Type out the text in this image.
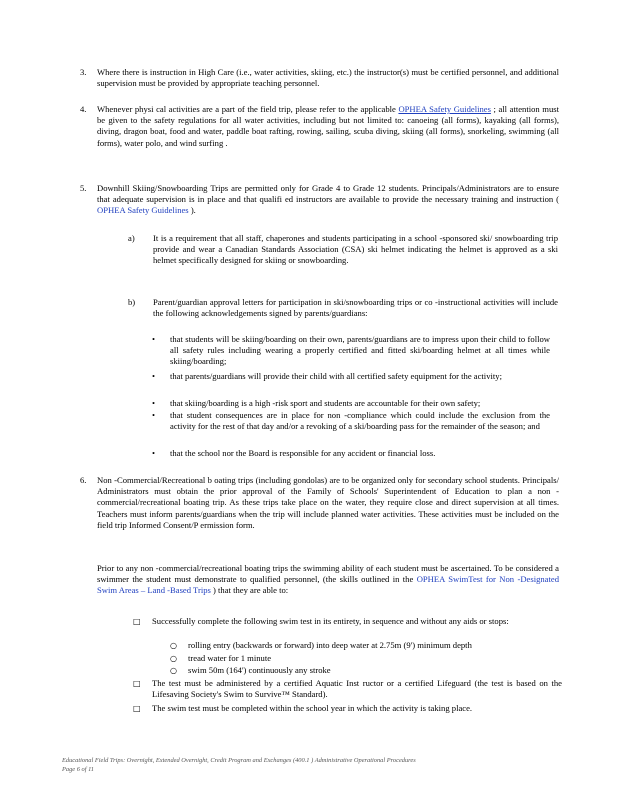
3. Where there is instruction in High Care (i.e., water activities, skiing, etc.) the instructor(s) must be certified personnel, and additional supervision must be provided by appropriate teaching personnel.

4. Whenever physi cal activities are a part of the field trip, please refer to the applicable OPHEA Safety Guidelines ; all attention must be given to the safety regulations for all water activities, including but not limited to: canoeing (all forms), kayaking (all forms), diving, dragon boat, food and water, paddle boat rafting, rowing, sailing, scuba diving, skiing (all forms), snorkeling, swimming (all forms), water polo, and wind surfing .

5. Downhill Skiing/Snowboarding Trips are permitted only for Grade 4 to Grade 12 students. Principals/Administrators are to ensure that adequate supervision is in place and that qualifi ed instructors are available to provide the necessary training and instruction ( OPHEA Safety Guidelines ).

a) It is a requirement that all staff, chaperones and students participating in a school -sponsored ski/ snowboarding trip provide and wear a Canadian Standards Association (CSA) ski helmet indicating the helmet is approved as a ski helmet specifically designed for skiing or snowboarding.

b) Parent/guardian approval letters for participation in ski/snowboarding trips or co -instructional activities will include the following acknowledgements signed by parents/guardians:

• that students will be skiing/boarding on their own, parents/guardians are to impress upon their child to follow all safety rules including wearing a properly certified and fitted ski/boarding helmet at all times while skiing/boarding;

• that parents/guardians will provide their child with all certified safety equipment for the activity;

• that skiing/boarding is a high -risk sport and students are accountable for their own safety;

• that student consequences are in place for non -compliance which could include the exclusion from the activity for the rest of that day and/or a revoking of a ski/boarding pass for the remainder of the season; and

• that the school nor the Board is responsible for any accident or financial loss.

6. Non -Commercial/Recreational b oating trips (including gondolas) are to be organized only for secondary school students. Principals/ Administrators must obtain the prior approval of the Family of Schools' Superintendent of Education to plan a non -commercial/recreational boating trip. As these trips take place on the water, they require close and direct supervision at all times. Teachers must inform parents/guardians when the trip will include planned water activities. These activities must be included on the field trip Informed Consent/P ermission form.

Prior to any non -commercial/recreational boating trips the swimming ability of each student must be ascertained. To be considered a swimmer the student must demonstrate to qualified personnel, (the skills outlined in the OPHEA SwimTest for Non -Designated Swim Areas – Land -Based Trips ) that they are able to:

□ Successfully complete the following swim test in its entirety, in sequence and without any aids or stops:

○ rolling entry (backwards or forward) into deep water at 2.75m (9') minimum depth
○ tread water for 1 minute
○ swim 50m (164') continuously any stroke
□ The test must be administered by a certified Aquatic Inst ructor or a certified Lifeguard (the test is based on the Lifesaving Society's Swim to Survive™ Standard).

□ The swim test must be completed within the school year in which the activity is taking place.

Educational Field Trips: Overnight, Extended Overnight, Credit Program and Exchanges (400.1 ) Administrative Operational Procedures
Page 6 of 11
